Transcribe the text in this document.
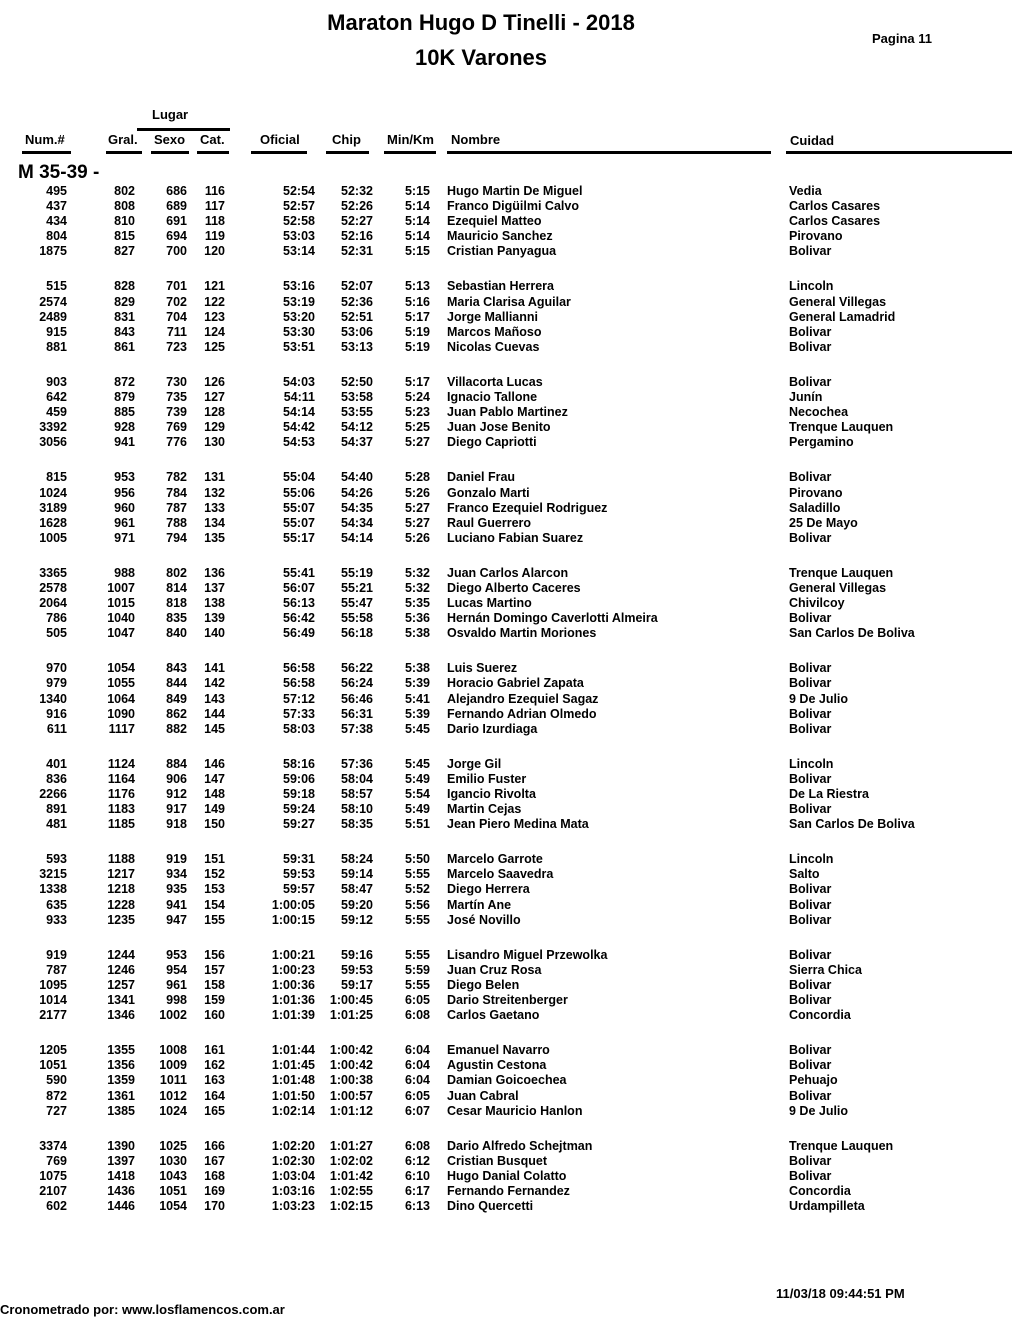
Maraton Hugo D Tinelli - 2018
10K Varones
Pagina 11
Lugar
Num.#	Gral. Sexo Cat.	Oficial Chip Min/Km Nombre	Cuidad
M 35-39 -
495	802 686 116	52:54 52:32	5:15 Hugo Martin De Miguel	Vedia
437	808 689 117	52:57 52:26	5:14 Franco Digüilmi Calvo	Carlos Casares
434	810 691 118	52:58 52:27	5:14 Ezequiel Matteo	Carlos Casares
804	815 694 119	53:03 52:16	5:14 Mauricio Sanchez	Pirovano
1875	827 700 120	53:14 52:31	5:15 Cristian Panyagua	Bolivar
515	828 701 121	53:16 52:07	5:13 Sebastian Herrera	Lincoln
2574	829 702 122	53:19 52:36	5:16 Maria Clarisa Aguilar	General Villegas
2489	831 704 123	53:20 52:51	5:17 Jorge Mallianni	General Lamadrid
915	843	711 124	53:30 53:06	5:19 Marcos Mañoso	Bolivar
881	861 723 125	53:51 53:13	5:19 Nicolas Cuevas	Bolivar
903	872 730 126	54:03 52:50	5:17 Villacorta Lucas	Bolivar
642	879 735 127	54:11 53:58	5:24 Ignacio Tallone	Junín
459	885 739 128	54:14 53:55	5:23 Juan Pablo Martinez	Necochea
3392	928 769 129	54:42 54:12	5:25 Juan Jose Benito	Trenque Lauquen
3056	941 776 130	54:53 54:37	5:27 Diego Capriotti	Pergamino
815	953 782 131	55:04 54:40	5:28 Daniel Frau	Bolivar
1024	956 784 132	55:06 54:26	5:26 Gonzalo Marti	Pirovano
3189	960 787 133	55:07 54:35	5:27 Franco Ezequiel Rodriguez	Saladillo
1628	961 788 134	55:07 54:34	5:27 Raul Guerrero	25 De Mayo
1005	971 794 135	55:17 54:14	5:26 Luciano Fabian Suarez	Bolivar
3365	988 802 136	55:41 55:19	5:32 Juan Carlos Alarcon	Trenque Lauquen
2578	1007 814 137	56:07 55:21	5:32 Diego Alberto Caceres	General Villegas
2064	1015 818 138	56:13 55:47	5:35 Lucas Martino	Chivilcoy
786	1040 835 139	56:42 55:58	5:36 Hernán Domingo Caverlotti Almeira	Bolivar
505	1047 840 140	56:49 56:18	5:38 Osvaldo Martin Moriones	San Carlos De Boliva
970	1054 843 141	56:58 56:22	5:38 Luis Suerez	Bolivar
979	1055 844 142	56:58 56:24	5:39 Horacio Gabriel Zapata	Bolivar
1340	1064 849 143	57:12 56:46	5:41 Alejandro Ezequiel Sagaz	9 De Julio
916	1090 862 144	57:33 56:31	5:39 Fernando Adrian Olmedo	Bolivar
611	1117 882 145	58:03 57:38	5:45 Dario Izurdiaga	Bolivar
401	1124 884 146	58:16 57:36	5:45 Jorge Gil	Lincoln
836	1164 906 147	59:06 58:04	5:49 Emilio Fuster	Bolivar
2266	1176 912 148	59:18 58:57	5:54 Igancio Rivolta	De La Riestra
891	1183 917 149	59:24 58:10	5:49 Martin Cejas	Bolivar
481	1185 918 150	59:27 58:35	5:51 Jean Piero Medina Mata	San Carlos De Boliva
593	1188 919 151	59:31 58:24	5:50 Marcelo Garrote	Lincoln
3215	1217 934 152	59:53 59:14	5:55 Marcelo Saavedra	Salto
1338	1218 935 153	59:57 58:47	5:52 Diego Herrera	Bolivar
635	1228 941 154	1:00:05 59:20	5:56 Martín Ane	Bolivar
933	1235 947 155	1:00:15 59:12	5:55 José Novillo	Bolivar
919	1244 953 156	1:00:21 59:16	5:55 Lisandro Miguel Przewolka	Bolivar
787	1246 954 157	1:00:23 59:53	5:59 Juan Cruz Rosa	Sierra Chica
1095	1257 961 158	1:00:36 59:17	5:55 Diego Belen	Bolivar
1014	1341 998 159	1:01:36 1:00:45	6:05 Dario Streitenberger	Bolivar
2177	1346 1002 160	1:01:39 1:01:25	6:08 Carlos Gaetano	Concordia
1205	1355 1008 161	1:01:44 1:00:42	6:04 Emanuel Navarro	Bolivar
1051	1356 1009 162	1:01:45 1:00:42	6:04 Agustin Cestona	Bolivar
590	1359 1011 163	1:01:48 1:00:38	6:04 Damian Goicoechea	Pehuajo
872	1361 1012 164	1:01:50 1:00:57	6:05 Juan Cabral	Bolivar
727	1385 1024 165	1:02:14 1:01:12	6:07 Cesar Mauricio Hanlon	9 De Julio
3374	1390 1025 166	1:02:20 1:01:27	6:08 Dario Alfredo Schejtman	Trenque Lauquen
769	1397 1030 167	1:02:30 1:02:02	6:12 Cristian Busquet	Bolivar
1075	1418 1043 168	1:03:04 1:01:42	6:10 Hugo Danial Colatto	Bolivar
2107	1436 1051 169	1:03:16 1:02:55	6:17 Fernando Fernandez	Concordia
602	1446 1054 170	1:03:23 1:02:15	6:13 Dino Quercetti	Urdampilleta
11/03/18 09:44:51 PM
Cronometrado por: www.losflamencos.com.ar
